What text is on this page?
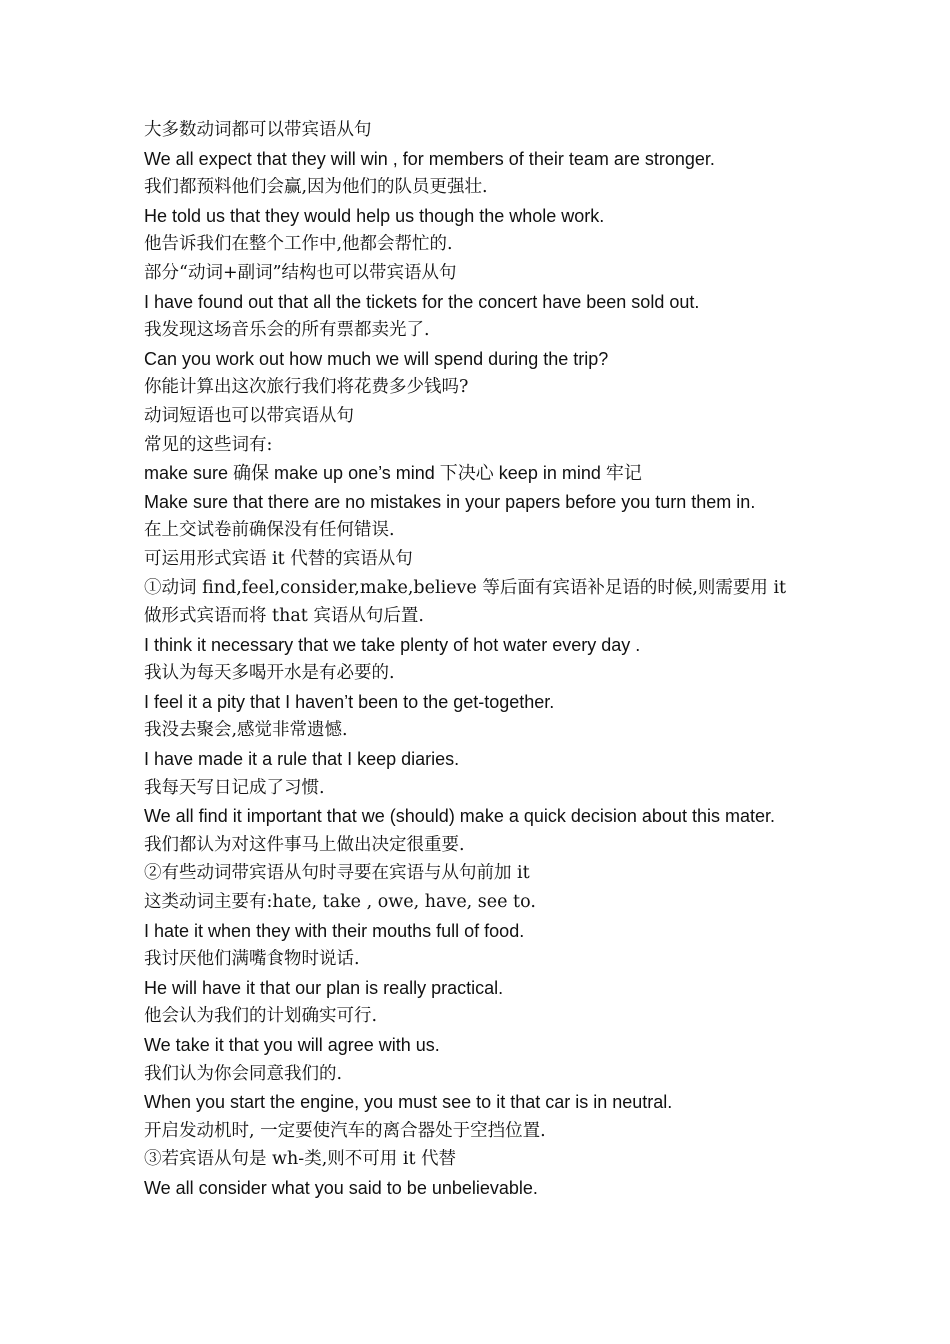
大多数动词都可以带宾语从句
We all expect that they will win , for members of their team are stronger.
我们都预料他们会赢,因为他们的队员更强壮.
He told us that they would help us though the whole work.
他告诉我们在整个工作中,他都会帮忙的.
部分“动词+副词”结构也可以带宾语从句
I have found out that all the tickets for the concert have been sold out.
我发现这场音乐会的所有票都卖光了.
Can you work out how much we will spend during the trip?
你能计算出这次旅行我们将花费多少钱吗?
动词短语也可以带宾语从句
常见的这些词有:
make sure 确保 make up one’s mind 下决心 keep in mind 牢记
Make sure that there are no mistakes in your papers before you turn them in.
在上交试卷前确保没有任何错误.
可运用形式宾语 it 代替的宾语从句
①动词 find,feel,consider,make,believe 等后面有宾语补足语的时候,则需要用 it
做形式宾语而将 that 宾语从句后置.
I think it necessary that we take plenty of hot water every day .
我认为每天多喝开水是有必要的.
I feel it a pity that I haven’t been to the get-together.
我没去聚会,感觉非常遗憾.
I have made it a rule that I keep diaries.
我每天写日记成了习惯.
We all find it important that we (should) make a quick decision about this mater.
我们都认为对这件事马上做出决定很重要.
②有些动词带宾语从句时寻要在宾语与从句前加 it
这类动词主要有:hate, take , owe, have, see to.
I hate it when they with their mouths full of food.
我讨厌他们满嘴食物时说话.
He will have it that our plan is really practical.
他会认为我们的计划确实可行.
We take it that you will agree with us.
我们认为你会同意我们的.
When you start the engine, you must see to it that car is in neutral.
开启发动机时, 一定要使汽车的离合器处于空挡位置.
③若宾语从句是 wh-类,则不可用 it 代替
We all consider what you said to be unbelievable.
